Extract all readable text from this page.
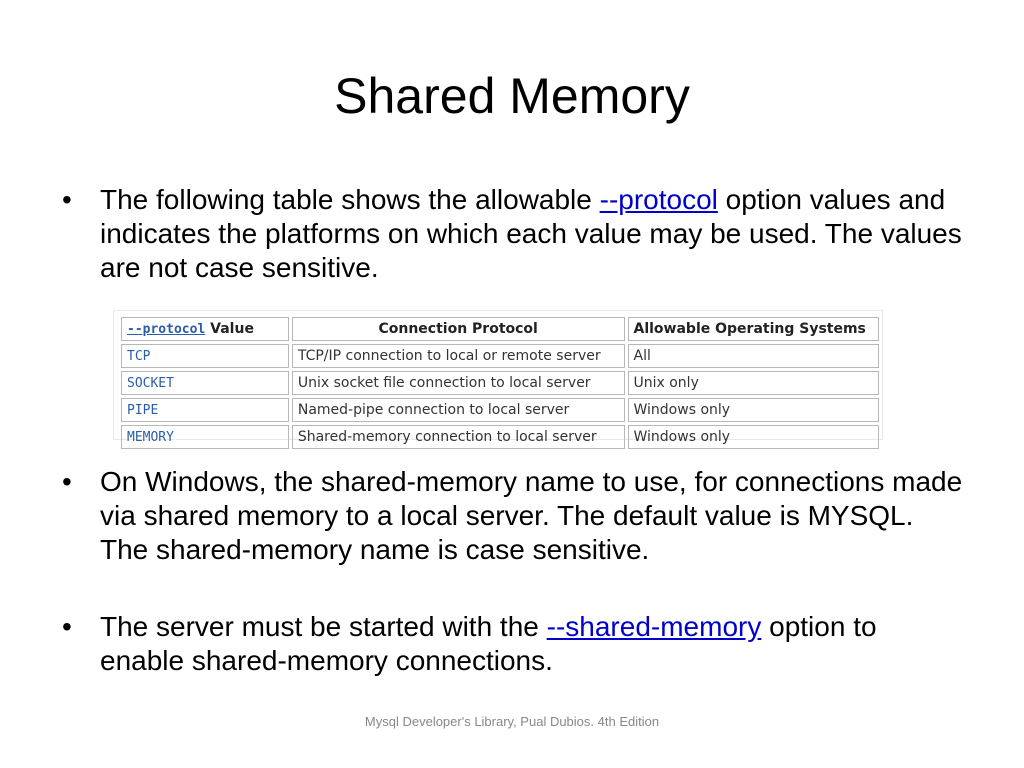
Shared Memory
•	The following table shows the allowable --protocol option values and indicates the platforms on which each value may be used. The values are not case sensitive.
--protocol Value	Connection Protocol	Allowable Operating Systems
TCP	TCP/IP connection to local or remote server	All
SOCKET	Unix socket file connection to local server	Unix only
PIPE	Named-pipe connection to local server	Windows only
MEMORY	Shared-memory connection to local server	Windows only
•	On Windows, the shared-memory name to use, for connections made via shared memory to a local server. The default value is MYSQL. The shared-memory name is case sensitive.
•	The server must be started with the --shared-memory option to enable shared-memory connections.
Mysql Developer's Library, Pual Dubios. 4th Edition
